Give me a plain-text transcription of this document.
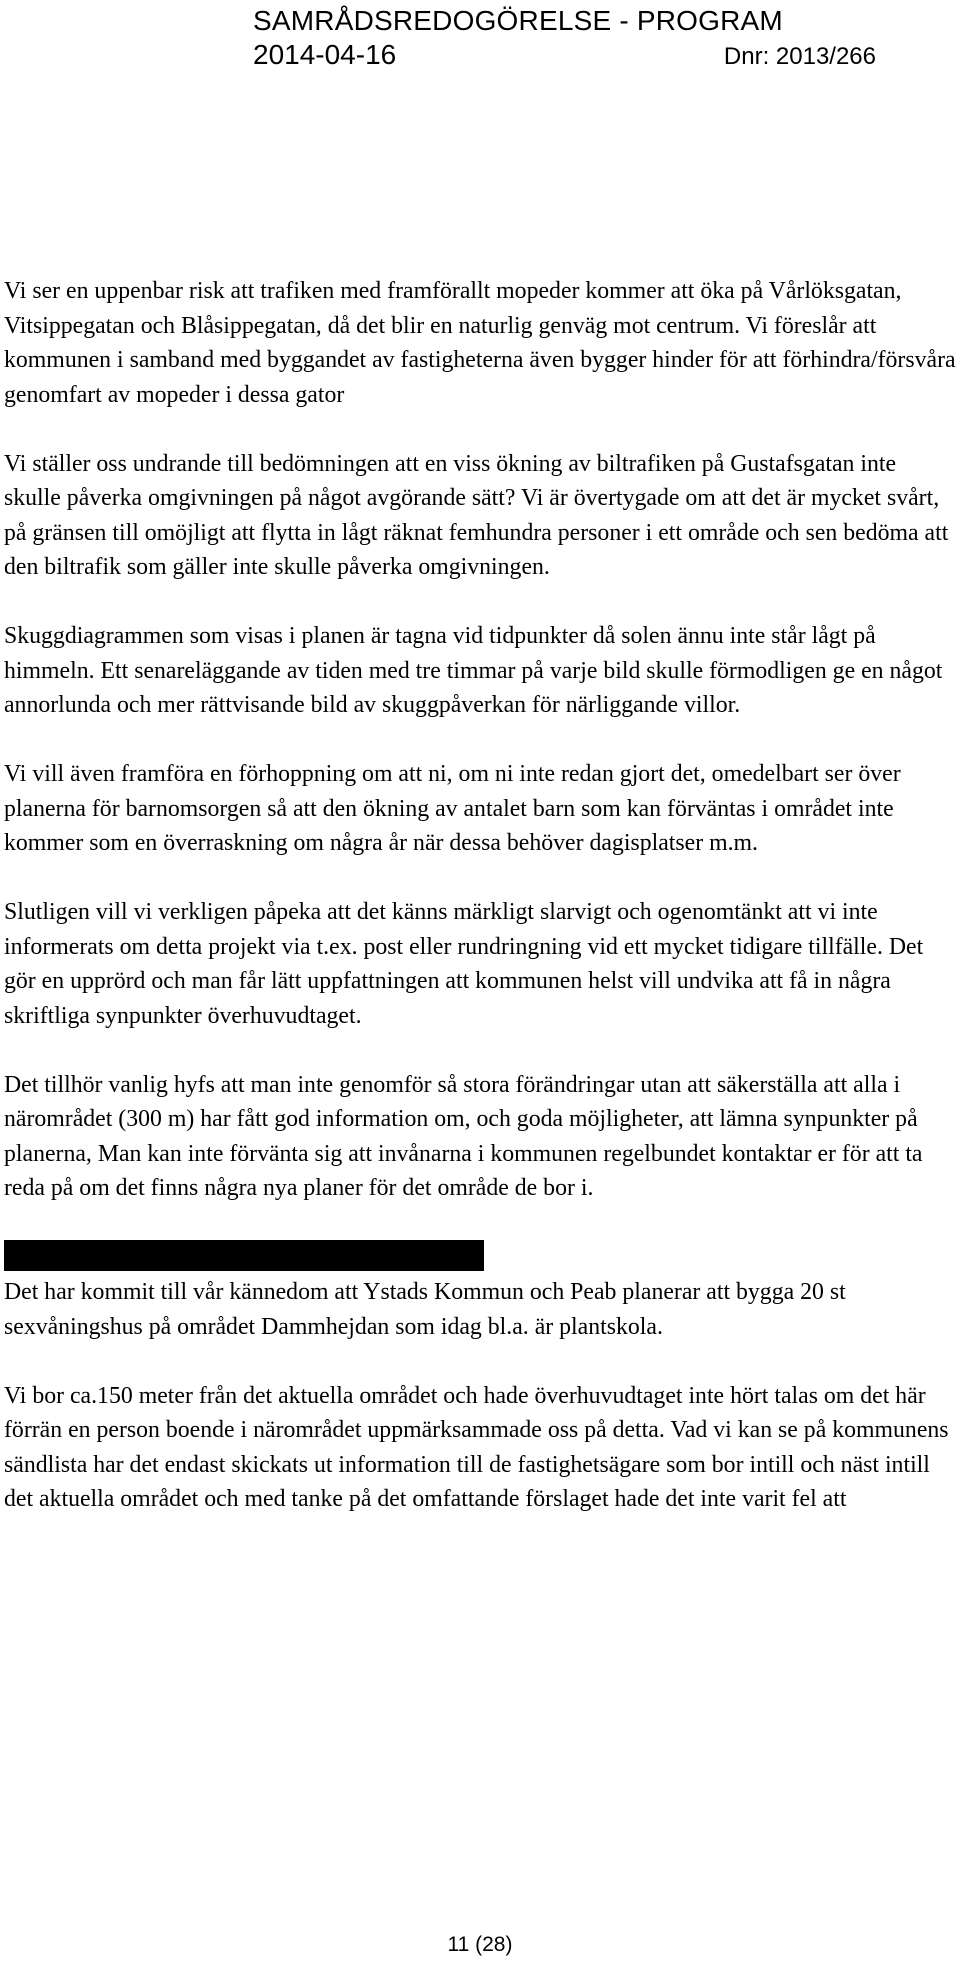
SAMRÅDSREDOGÖRELSE - PROGRAM
2014-04-16	Dnr: 2013/266

Vi ser en uppenbar risk att trafiken med framförallt mopeder kommer att öka på Vårlöksgatan, Vitsippegatan och Blåsippegatan, då det blir en naturlig genväg mot centrum. Vi föreslår att kommunen i samband med byggandet av fastigheterna även bygger hinder för att förhindra/försvåra genomfart av mopeder i dessa gator

Vi ställer oss undrande till bedömningen att en viss ökning av biltrafiken på Gustafsgatan inte skulle påverka omgivningen på något avgörande sätt? Vi är övertygade om att det är mycket svårt, på gränsen till omöjligt att flytta in lågt räknat femhundra personer i ett område och sen bedöma att den biltrafik som gäller inte skulle påverka omgivningen.

Skuggdiagrammen som visas i planen är tagna vid tidpunkter då solen ännu inte står lågt på himmeln. Ett senareläggande av tiden med tre timmar på varje bild skulle förmodligen ge en något annorlunda och mer rättvisande bild av skuggpåverkan för närliggande villor.

Vi vill även framföra en förhoppning om att ni, om ni inte redan gjort det, omedelbart ser över planerna för barnomsorgen så att den ökning av antalet barn som kan förväntas i området inte kommer som en överraskning om några år när dessa behöver dagisplatser m.m.

Slutligen vill vi verkligen påpeka att det känns märkligt slarvigt och ogenomtänkt att vi inte informerats om detta projekt via t.ex. post eller rundringning vid ett mycket tidigare tillfälle. Det gör en upprörd och man får lätt uppfattningen att kommunen helst vill undvika att få in några skriftliga synpunkter överhuvudtaget.

Det tillhör vanlig hyfs att man inte genomför så stora förändringar utan att säkerställa att alla i närområdet (300 m) har fått god information om, och goda möjligheter, att lämna synpunkter på planerna, Man kan inte förvänta sig att invånarna i kommunen regelbundet kontaktar er för att ta reda på om det finns några nya planer för det område de bor i.

Det har kommit till vår kännedom att Ystads Kommun och Peab planerar att bygga 20 st sexvåningshus på området Dammhejdan som idag bl.a. är plantskola.

Vi bor ca.150 meter från det aktuella området och hade överhuvudtaget inte hört talas om det här förrän en person boende i närområdet uppmärksammade oss på detta. Vad vi kan se på kommunens sändlista har det endast skickats ut information till de fastighetsägare som bor intill och näst intill det aktuella området och med tanke på det omfattande förslaget hade det inte varit fel att

11 (28)
